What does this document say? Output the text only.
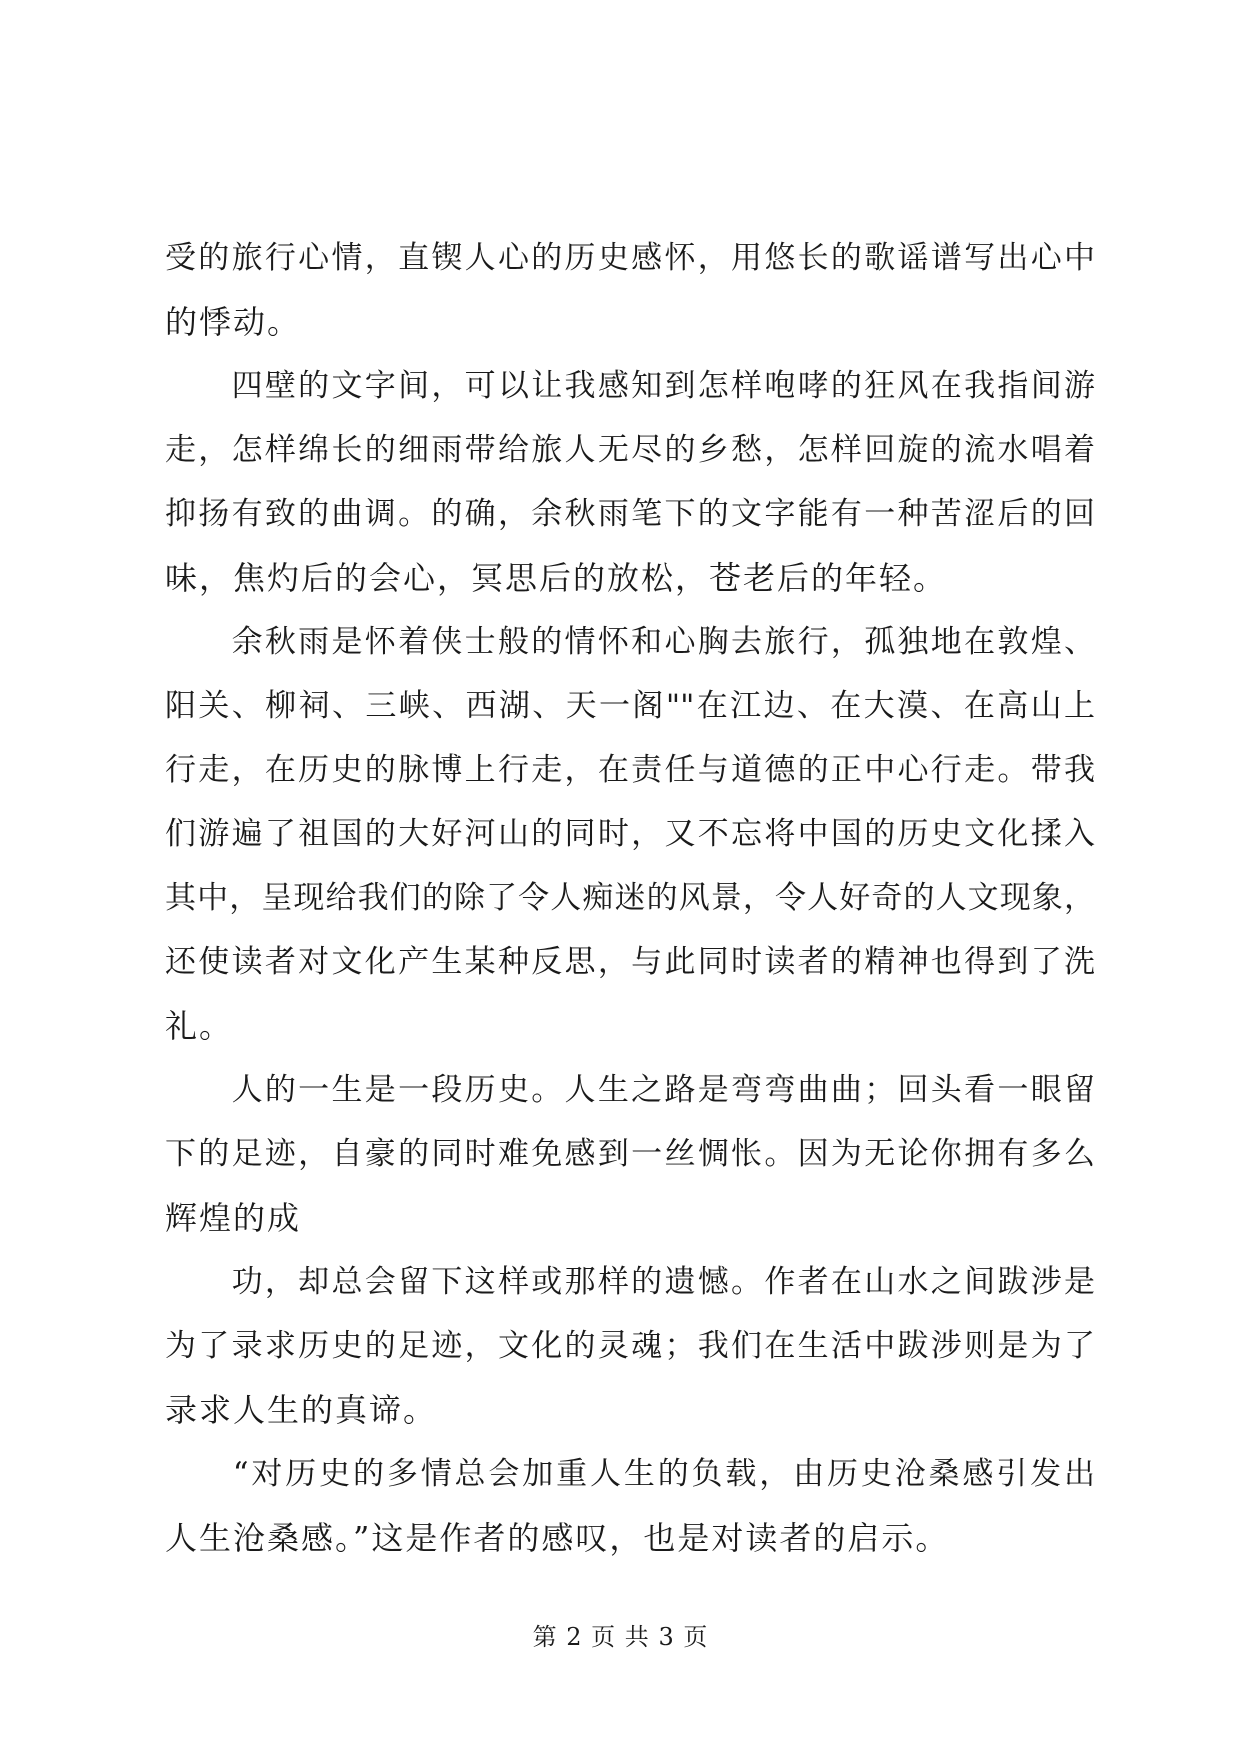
受的旅行心情，直锲人心的历史感怀，用悠长的歌谣谱写出心中
的悸动。
　　四壁的文字间，可以让我感知到怎样咆哮的狂风在我指间游
走，怎样绵长的细雨带给旅人无尽的乡愁，怎样回旋的流水唱着
抑扬有致的曲调。的确，余秋雨笔下的文字能有一种苦涩后的回
味，焦灼后的会心，冥思后的放松，苍老后的年轻。
　　余秋雨是怀着侠士般的情怀和心胸去旅行，孤独地在敦煌、
阳关、柳祠、三峡、西湖、天一阁""在江边、在大漠、在高山上
行走，在历史的脉博上行走，在责任与道德的正中心行走。带我
们游遍了祖国的大好河山的同时，又不忘将中国的历史文化揉入
其中，呈现给我们的除了令人痴迷的风景，令人好奇的人文现象，
还使读者对文化产生某种反思，与此同时读者的精神也得到了洗
礼。
　　人的一生是一段历史。人生之路是弯弯曲曲；回头看一眼留
下的足迹，自豪的同时难免感到一丝惆怅。因为无论你拥有多么
辉煌的成
　　功，却总会留下这样或那样的遗憾。作者在山水之间跋涉是
为了录求历史的足迹，文化的灵魂；我们在生活中跋涉则是为了
录求人生的真谛。
　　“对历史的多情总会加重人生的负载，由历史沧桑感引发出
人生沧桑感。”这是作者的感叹，也是对读者的启示。
第 2 页 共 3 页
